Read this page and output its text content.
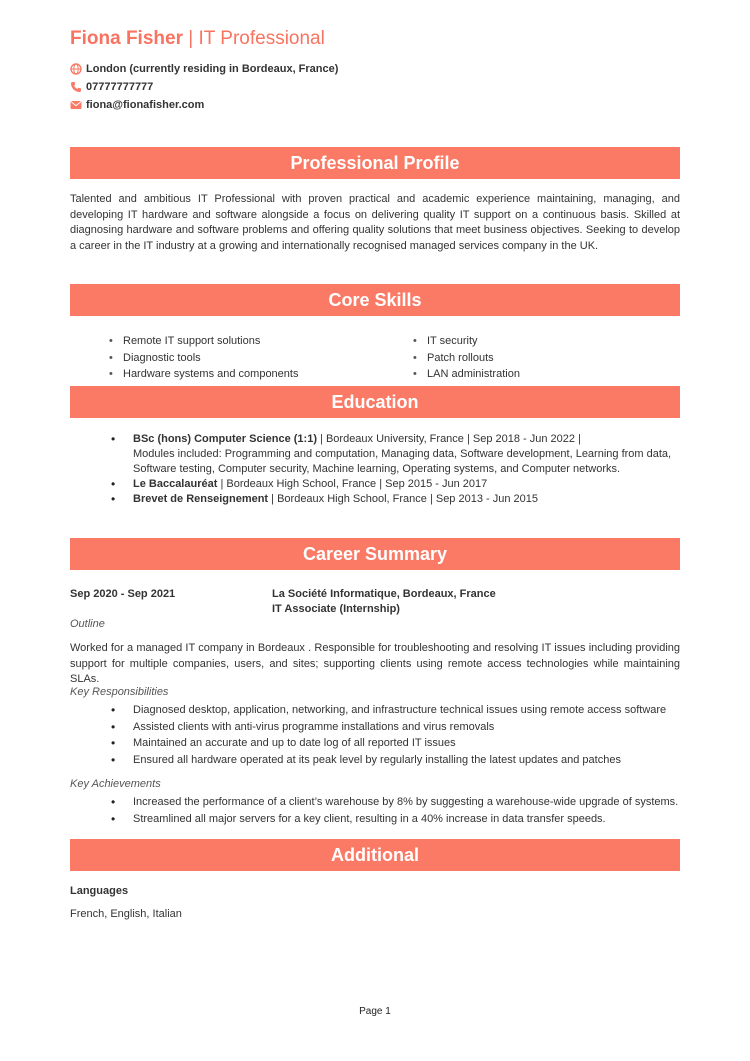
Fiona Fisher | IT Professional
London (currently residing in Bordeaux, France)
07777777777
fiona@fionafisher.com
Professional Profile
Talented and ambitious IT Professional with proven practical and academic experience maintaining, managing, and developing IT hardware and software alongside a focus on delivering quality IT support on a continuous basis. Skilled at diagnosing hardware and software problems and offering quality solutions that meet business objectives. Seeking to develop a career in the IT industry at a growing and internationally recognised managed services company in the UK.
Core Skills
• Remote IT support solutions
• Diagnostic tools
• Hardware systems and components
• IT security
• Patch rollouts
• LAN administration
Education
• BSc (hons) Computer Science (1:1) | Bordeaux University, France | Sep 2018 - Jun 2022 |
Modules included: Programming and computation, Managing data, Software development, Learning from data,
Software testing, Computer security, Machine learning, Operating systems, and Computer networks.
• Le Baccalauréat | Bordeaux High School, France | Sep 2015 - Jun 2017
• Brevet de Renseignement | Bordeaux High School, France | Sep 2013 - Jun 2015
Career Summary
Sep 2020 - Sep 2021	La Société Informatique, Bordeaux, France
IT Associate (Internship)
Outline
Worked for a managed IT company in Bordeaux . Responsible for troubleshooting and resolving IT issues including providing support for multiple companies, users, and sites; supporting clients using remote access technologies while maintaining SLAs.
Key Responsibilities
• Diagnosed desktop, application, networking, and infrastructure technical issues using remote access software
• Assisted clients with anti-virus programme installations and virus removals
• Maintained an accurate and up to date log of all reported IT issues
• Ensured all hardware operated at its peak level by regularly installing the latest updates and patches
Key Achievements
• Increased the performance of a client’s warehouse by 8% by suggesting a warehouse-wide upgrade of systems.
• Streamlined all major servers for a key client, resulting in a 40% increase in data transfer speeds.
Additional
Languages
French, English, Italian
Page 1
